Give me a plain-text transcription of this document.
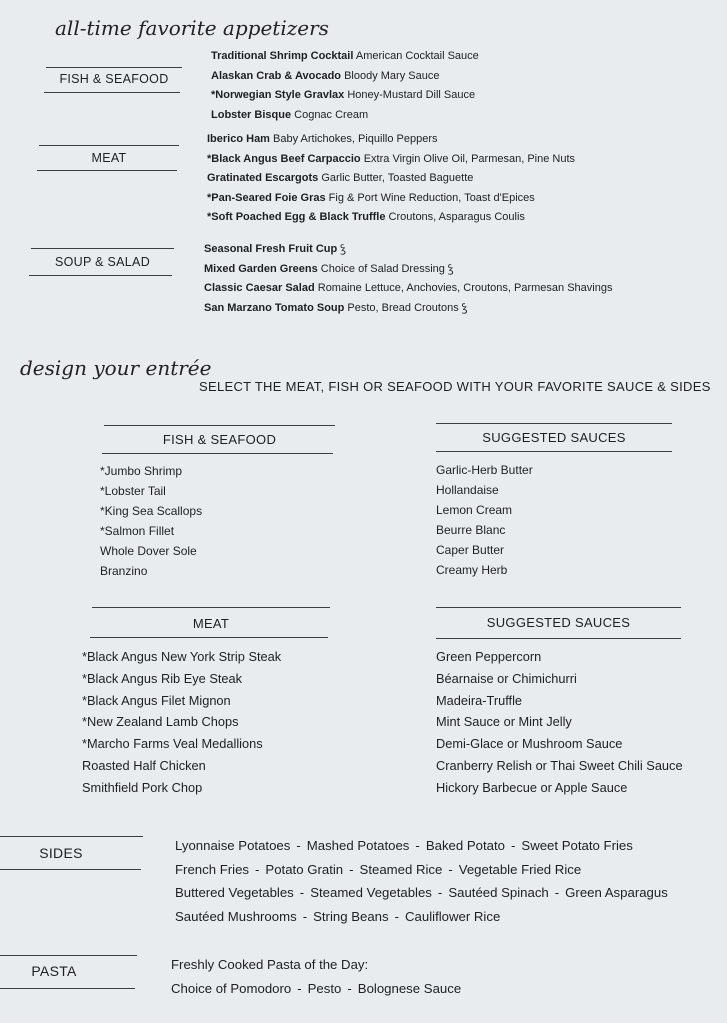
all-time favorite appetizers
FISH & SEAFOOD
Traditional Shrimp Cocktail American Cocktail Sauce
Alaskan Crab & Avocado Bloody Mary Sauce
*Norwegian Style Gravlax Honey-Mustard Dill Sauce
Lobster Bisque Cognac Cream
MEAT
Iberico Ham Baby Artichokes, Piquillo Peppers
*Black Angus Beef Carpaccio Extra Virgin Olive Oil, Parmesan, Pine Nuts
Gratinated Escargots Garlic Butter, Toasted Baguette
*Pan-Seared Foie Gras Fig & Port Wine Reduction, Toast d'Epices
*Soft Poached Egg & Black Truffle Croutons, Asparagus Coulis
SOUP & SALAD
Seasonal Fresh Fruit Cup ꝣ
Mixed Garden Greens Choice of Salad Dressing ꝣ
Classic Caesar Salad Romaine Lettuce, Anchovies, Croutons, Parmesan Shavings
San Marzano Tomato Soup Pesto, Bread Croutons ꝣ
design your entrée
SELECT THE MEAT, FISH OR SEAFOOD WITH YOUR FAVORITE SAUCE & SIDES
FISH & SEAFOOD
*Jumbo Shrimp
*Lobster Tail
*King Sea Scallops
*Salmon Fillet
Whole Dover Sole
Branzino
SUGGESTED SAUCES
Garlic-Herb Butter
Hollandaise
Lemon Cream
Beurre Blanc
Caper Butter
Creamy Herb
MEAT
*Black Angus New York Strip Steak
*Black Angus Rib Eye Steak
*Black Angus Filet Mignon
*New Zealand Lamb Chops
*Marcho Farms Veal Medallions
Roasted Half Chicken
Smithfield Pork Chop
SUGGESTED SAUCES
Green Peppercorn
Béarnaise or Chimichurri
Madeira-Truffle
Mint Sauce or Mint Jelly
Demi-Glace or Mushroom Sauce
Cranberry Relish or Thai Sweet Chili Sauce
Hickory Barbecue or Apple Sauce
SIDES	Lyonnaise Potatoes - Mashed Potatoes - Baked Potato - Sweet Potato Fries
French Fries - Potato Gratin - Steamed Rice - Vegetable Fried Rice
Buttered Vegetables - Steamed Vegetables - Sautéed Spinach - Green Asparagus
Sautéed Mushrooms - String Beans - Cauliflower Rice
PASTA	Freshly Cooked Pasta of the Day:
Choice of Pomodoro - Pesto - Bolognese Sauce
